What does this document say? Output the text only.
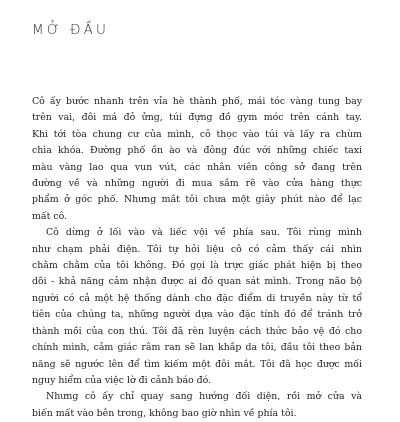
MỞ ĐẦU

Cô ấy bước nhanh trên vỉa hè thành phố, mái tóc vàng tung bay
trên vai, đôi má đỏ ửng, túi đựng đồ gym móc trên cánh tay.
Khi tới tòa chung cư của mình, cô thọc vào túi và lấy ra chùm
chìa khóa. Đường phố ồn ào và đông đúc với những chiếc taxi
màu vàng lao qua vun vút, các nhân viên công sở đang trên
đường về và những người đi mua sắm rẽ vào cửa hàng thực
phẩm ở góc phố. Nhưng mắt tôi chưa một giây phút nào để lạc
mất cô.

Cô dừng ở lối vào và liếc vội về phía sau. Tôi rùng mình
như chạm phải điện. Tôi tự hỏi liệu cô có cảm thấy cái nhìn
chằm chằm của tôi không. Đó gọi là trực giác phát hiện bị theo
dõi - khả năng cảm nhận được ai đó quan sát mình. Trong não bộ
người có cả một hệ thống dành cho đặc điểm di truyền này từ tổ
tiên của chúng ta, những người dựa vào đặc tính đó để tránh trở
thành mồi của con thú. Tôi đã rèn luyện cách thức bảo vệ đó cho
chính mình, cảm giác râm ran sẽ lan khắp da tôi, đầu tôi theo bản
năng sẽ ngước lên để tìm kiếm một đôi mắt. Tôi đã học được mối
nguy hiểm của việc lờ đi cảnh báo đó.

Nhưng cô ấy chỉ quay sang hướng đối diện, rồi mở cửa và
biến mất vào bên trong, không bao giờ nhìn về phía tôi.
